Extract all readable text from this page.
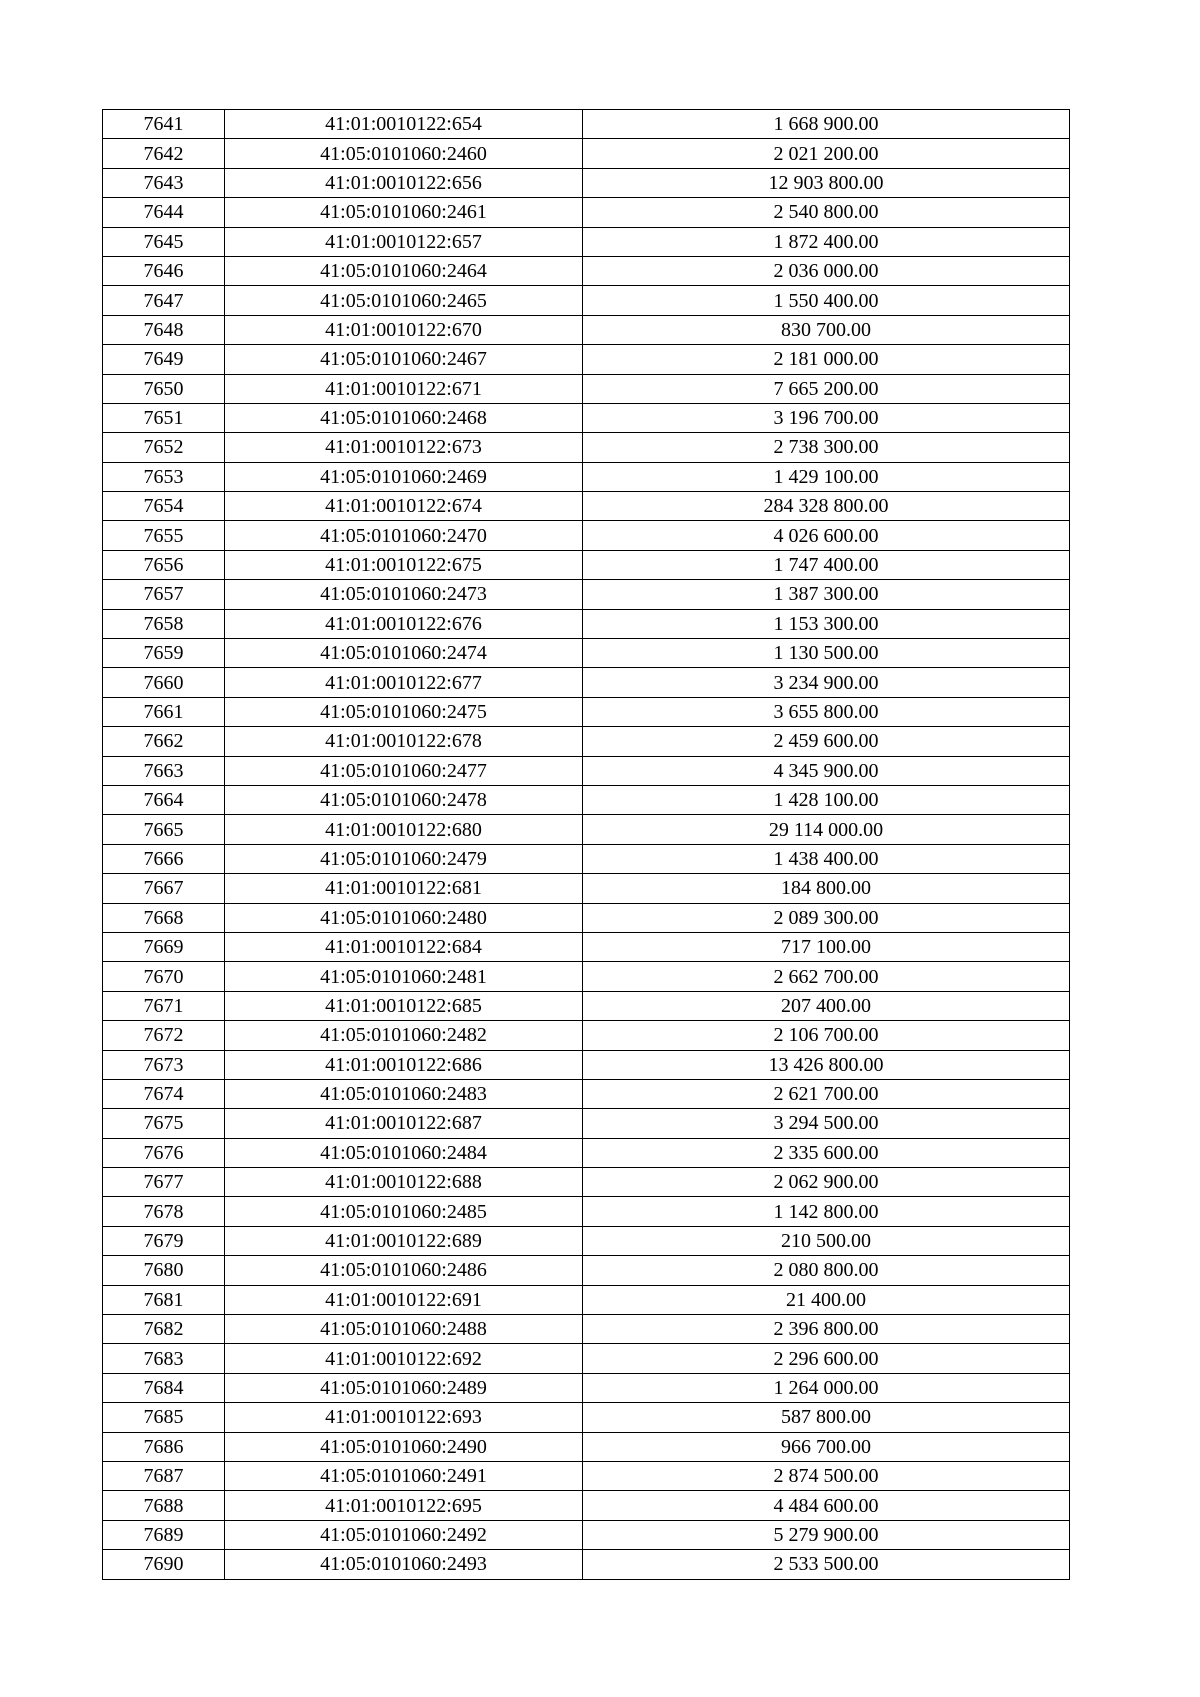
7641	41:01:0010122:654	1 668 900.00
7642	41:05:0101060:2460	2 021 200.00
7643	41:01:0010122:656	12 903 800.00
7644	41:05:0101060:2461	2 540 800.00
7645	41:01:0010122:657	1 872 400.00
7646	41:05:0101060:2464	2 036 000.00
7647	41:05:0101060:2465	1 550 400.00
7648	41:01:0010122:670	830 700.00
7649	41:05:0101060:2467	2 181 000.00
7650	41:01:0010122:671	7 665 200.00
7651	41:05:0101060:2468	3 196 700.00
7652	41:01:0010122:673	2 738 300.00
7653	41:05:0101060:2469	1 429 100.00
7654	41:01:0010122:674	284 328 800.00
7655	41:05:0101060:2470	4 026 600.00
7656	41:01:0010122:675	1 747 400.00
7657	41:05:0101060:2473	1 387 300.00
7658	41:01:0010122:676	1 153 300.00
7659	41:05:0101060:2474	1 130 500.00
7660	41:01:0010122:677	3 234 900.00
7661	41:05:0101060:2475	3 655 800.00
7662	41:01:0010122:678	2 459 600.00
7663	41:05:0101060:2477	4 345 900.00
7664	41:05:0101060:2478	1 428 100.00
7665	41:01:0010122:680	29 114 000.00
7666	41:05:0101060:2479	1 438 400.00
7667	41:01:0010122:681	184 800.00
7668	41:05:0101060:2480	2 089 300.00
7669	41:01:0010122:684	717 100.00
7670	41:05:0101060:2481	2 662 700.00
7671	41:01:0010122:685	207 400.00
7672	41:05:0101060:2482	2 106 700.00
7673	41:01:0010122:686	13 426 800.00
7674	41:05:0101060:2483	2 621 700.00
7675	41:01:0010122:687	3 294 500.00
7676	41:05:0101060:2484	2 335 600.00
7677	41:01:0010122:688	2 062 900.00
7678	41:05:0101060:2485	1 142 800.00
7679	41:01:0010122:689	210 500.00
7680	41:05:0101060:2486	2 080 800.00
7681	41:01:0010122:691	21 400.00
7682	41:05:0101060:2488	2 396 800.00
7683	41:01:0010122:692	2 296 600.00
7684	41:05:0101060:2489	1 264 000.00
7685	41:01:0010122:693	587 800.00
7686	41:05:0101060:2490	966 700.00
7687	41:05:0101060:2491	2 874 500.00
7688	41:01:0010122:695	4 484 600.00
7689	41:05:0101060:2492	5 279 900.00
7690	41:05:0101060:2493	2 533 500.00
